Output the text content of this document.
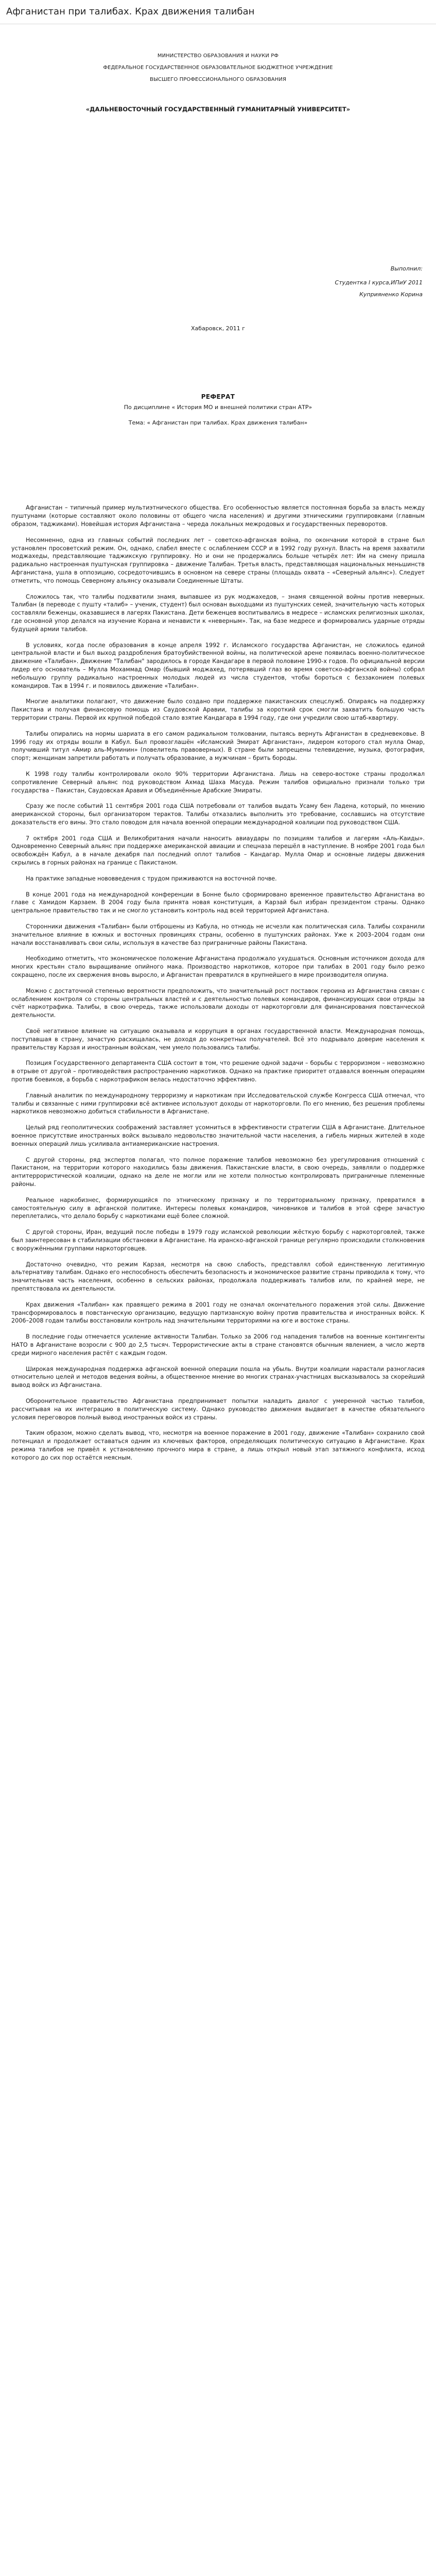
Афганистан при талибах. Крах движения талибан

МИНИСТЕРСТВО ОБРАЗОВАНИЯ И НАУКИ РФ

ФЕДЕРАЛЬНОЕ ГОСУДАРСТВЕННОЕ ОБРАЗОВАТЕЛЬНОЕ БЮДЖЕТНОЕ УЧРЕЖДЕНИЕ

ВЫСШЕГО ПРОФЕССИОНАЛЬНОГО ОБРАЗОВАНИЯ

«ДАЛЬНЕВОСТОЧНЫЙ ГОСУДАРСТВЕННЫЙ ГУМАНИТАРНЫЙ УНИВЕРСИТЕТ»
Выполнил:
Студентка I курса,ИПиУ 2011
Куприяненко Корина
Хабаровск, 2011 г
РЕФЕРАТ
По дисциплине « История МО и внешней политики стран АТР»
Тема: « Афганистан при талибах. Крах движения талибан»

Афганистан – типичный пример мультиэтнического общества. Его особенностью является постоянная борьба за власть между пуштунами (которые составляют около половины от общего числа населения) и другими этническими группировками (главным образом, таджиками). Новейшая история Афганистана – череда локальных межродовых и государственных переворотов.

Несомненно, одна из главных событий последних лет – советско-афганская война, по окончании которой в стране был установлен просоветский режим. Он, однако, слабел вместе с ослаблением СССР и в 1992 году рухнул. Власть на время захватили моджахеды, представляющие таджикскую группировку. Но и они не продержались больше четырёх лет: Им на смену пришла радикально настроенная пуштунская группировка – движение Талибан. Третья власть, представляющая национальных меньшинств Афганистана, ушла в оппозицию, сосредоточившись в основном на севере страны (площадь охвата – «Северный альянс»). Следует отметить, что помощь Северному альянсу оказывали Соединенные Штаты.

Сложилось так, что талибы подхватили знамя, выпавшее из рук моджахедов, – знамя священной войны против неверных. Талибан (в переводе с пушту «талиб» – ученик, студент) был основан выходцами из пуштунских семей, значительную часть которых составляли беженцы, оказавшиеся в лагерях Пакистана. Дети беженцев воспитывались в медресе – исламских религиозных школах, где основной упор делался на изучение Корана и ненависти к «неверным». Так, на базе медресе и формировались ударные отряды будущей армии талибов.

В условиях, когда после образования в конце апреля 1992 г. Исламского государства Афганистан, не сложилось единой центральной власти и был выход раздробления братоубийственной войны, на политической арене появилась военно-политическое движение «Талибан». Движение "Талибан" зародилось в городе Кандагаре в первой половине 1990-х годов. По официальной версии лидер его основатель – Мулла Мохаммад Омар (бывший моджахед, потерявший глаз во время советско-афганской войны) собрал небольшую группу радикально настроенных молодых людей из числа студентов, чтобы бороться с беззаконием полевых командиров. Так в 1994 г. и появилось движение «Талибан».

Многие аналитики полагают, что движение было создано при поддержке пакистанских спецслужб. Опираясь на поддержку Пакистана и получая финансовую помощь из Саудовской Аравии, талибы за короткий срок смогли захватить большую часть территории страны. Первой их крупной победой стало взятие Кандагара в 1994 году, где они учредили свою штаб-квартиру.

Талибы опирались на нормы шариата в его самом радикальном толковании, пытаясь вернуть Афганистан в средневековье. В 1996 году их отряды вошли в Кабул. Был провозглашён «Исламский Эмират Афганистан», лидером которого стал мулла Омар, получивший титул «Амир аль-Муминин» (повелитель правоверных). В стране были запрещены телевидение, музыка, фотография, спорт; женщинам запретили работать и получать образование, а мужчинам – брить бороды.

К 1998 году талибы контролировали около 90% территории Афганистана. Лишь на северо-востоке страны продолжал сопротивление Северный альянс под руководством Ахмад Шаха Масуда. Режим талибов официально признали только три государства – Пакистан, Саудовская Аравия и Объединённые Арабские Эмираты.

Сразу же после событий 11 сентября 2001 года США потребовали от талибов выдать Усаму бен Ладена, который, по мнению американской стороны, был организатором терактов. Талибы отказались выполнить это требование, сославшись на отсутствие доказательств его вины. Это стало поводом для начала военной операции международной коалиции под руководством США.

7 октября 2001 года США и Великобритания начали наносить авиаудары по позициям талибов и лагерям «Аль-Каиды». Одновременно Северный альянс при поддержке американской авиации и спецназа перешёл в наступление. В ноябре 2001 года был освобождён Кабул, а в начале декабря пал последний оплот талибов – Кандагар. Мулла Омар и основные лидеры движения скрылись в горных районах на границе с Пакистаном.

На практике западные нововведения с трудом приживаются на восточной почве.

В конце 2001 года на международной конференции в Бонне было сформировано временное правительство Афганистана во главе с Хамидом Карзаем. В 2004 году была принята новая конституция, а Карзай был избран президентом страны. Однако центральное правительство так и не смогло установить контроль над всей территорией Афганистана.

Сторонники движения «Талибан» были отброшены из Кабула, но отнюдь не исчезли как политическая сила. Талибы сохранили значительное влияние в южных и восточных провинциях страны, особенно в пуштунских районах. Уже к 2003–2004 годам они начали восстанавливать свои силы, используя в качестве баз приграничные районы Пакистана.

Необходимо отметить, что экономическое положение Афганистана продолжало ухудшаться. Основным источником дохода для многих крестьян стало выращивание опийного мака. Производство наркотиков, которое при талибах в 2001 году было резко сокращено, после их свержения вновь выросло, и Афганистан превратился в крупнейшего в мире производителя опиума.

Можно с достаточной степенью вероятности предположить, что значительный рост поставок героина из Афганистана связан с ослаблением контроля со стороны центральных властей и с деятельностью полевых командиров, финансирующих свои отряды за счёт наркотрафика. Талибы, в свою очередь, также использовали доходы от наркоторговли для финансирования повстанческой деятельности.

Своё негативное влияние на ситуацию оказывала и коррупция в органах государственной власти. Международная помощь, поступавшая в страну, зачастую расхищалась, не доходя до конкретных получателей. Всё это подрывало доверие населения к правительству Карзая и иностранным войскам, чем умело пользовались талибы.

Позиция Государственного департамента США состоит в том, что решение одной задачи – борьбы с терроризмом – невозможно в отрыве от другой – противодействия распространению наркотиков. Однако на практике приоритет отдавался военным операциям против боевиков, а борьба с наркотрафиком велась недостаточно эффективно.

Главный аналитик по международному терроризму и наркотикам при Исследовательской службе Конгресса США отмечал, что талибы и связанные с ними группировки всё активнее используют доходы от наркоторговли. По его мнению, без решения проблемы наркотиков невозможно добиться стабильности в Афганистане.

Целый ряд геополитических соображений заставляет усомниться в эффективности стратегии США в Афганистане. Длительное военное присутствие иностранных войск вызывало недовольство значительной части населения, а гибель мирных жителей в ходе военных операций лишь усиливала антиамериканские настроения.

С другой стороны, ряд экспертов полагал, что полное поражение талибов невозможно без урегулирования отношений с Пакистаном, на территории которого находились базы движения. Пакистанские власти, в свою очередь, заявляли о поддержке антитеррористической коалиции, однако на деле не могли или не хотели полностью контролировать приграничные племенные районы.

Реальное наркобизнес, формирующийся по этническому признаку и по территориальному признаку, превратился в самостоятельную силу в афганской политике. Интересы полевых командиров, чиновников и талибов в этой сфере зачастую переплетались, что делало борьбу с наркотиками ещё более сложной.

С другой стороны, Иран, ведущий после победы в 1979 году исламской революции жёсткую борьбу с наркоторговлей, также был заинтересован в стабилизации обстановки в Афганистане. На иранско-афганской границе регулярно происходили столкновения с вооружёнными группами наркоторговцев.

Достаточно очевидно, что режим Карзая, несмотря на свою слабость, представлял собой единственную легитимную альтернативу талибам. Однако его неспособность обеспечить безопасность и экономическое развитие страны приводила к тому, что значительная часть населения, особенно в сельских районах, продолжала поддерживать талибов или, по крайней мере, не препятствовала их деятельности.

Крах движения «Талибан» как правящего режима в 2001 году не означал окончательного поражения этой силы. Движение трансформировалось в повстанческую организацию, ведущую партизанскую войну против правительства и иностранных войск. К 2006–2008 годам талибы восстановили контроль над значительными территориями на юге и востоке страны.

В последние годы отмечается усиление активности Талибан. Только за 2006 год нападения талибов на военные контингенты НАТО в Афганистане возросли с 900 до 2,5 тысяч. Террористические акты в стране становятся обычным явлением, а число жертв среди мирного населения растёт с каждым годом.

Широкая международная поддержка афганской военной операции пошла на убыль. Внутри коалиции нарастали разногласия относительно целей и методов ведения войны, а общественное мнение во многих странах-участницах высказывалось за скорейший вывод войск из Афганистана.

Оборонительное правительство Афганистана предпринимает попытки наладить диалог с умеренной частью талибов, рассчитывая на их интеграцию в политическую систему. Однако руководство движения выдвигает в качестве обязательного условия переговоров полный вывод иностранных войск из страны.

Таким образом, можно сделать вывод, что, несмотря на военное поражение в 2001 году, движение «Талибан» сохранило свой потенциал и продолжает оставаться одним из ключевых факторов, определяющих политическую ситуацию в Афганистане. Крах режима талибов не привёл к установлению прочного мира в стране, а лишь открыл новый этап затяжного конфликта, исход которого до сих пор остаётся неясным.
